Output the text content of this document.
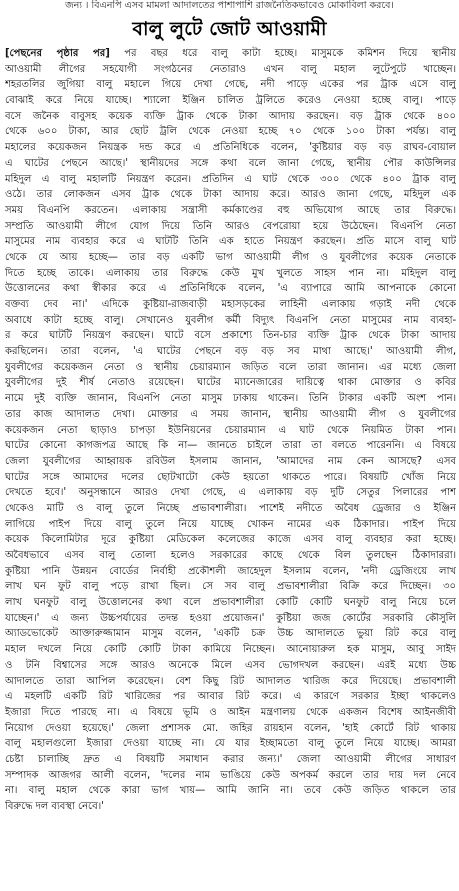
জন্য । বিএনপি এসব মামলা আদালতের পাশাপাশি রাজনৈতিকভাবেও মোকাবিলা করবে।
বালু লুটে জোট আওয়ামী
[পেছনের পৃষ্ঠার পর] পর বছর ধরে বালু কাটা হচ্ছে। মাসুমকে কমিশন দিয়ে স্থানীয়
আওয়ামী লীগের সহযোগী সংগঠনের নেতারাও এখন বালু মহাল লুটেপুটে খাচ্ছেন।
শহরতলির জুগিয়া বালু মহালে গিয়ে দেখা গেছে, নদী পাড়ে একের পর ট্রাক এসে বালু
বোঝাই করে নিয়ে যাচ্ছে। শ্যালো ইঞ্জিন চালিত ট্রলিতে করেও নেওয়া হচ্ছে বালু। পাড়ে
বসে জনৈক বাবুসহ কয়েক ব্যক্তি ট্রাক থেকে টাকা আদায় করছেন। বড় ট্রাক থেকে ৪০০
থেকে ৬০০ টাকা, আর ছোট ট্রলি থেকে নেওয়া হচ্ছে ৭০ থেকে ১০০ টাকা পর্যন্ত। বালু
মহালের কয়েকজন নিয়ন্ত্রক দন্ড করে এ প্রতিনিধিকে বলেন, 'কুষ্টিয়ার বড় বড় রাঘব-বোয়াল
এ ঘাটের পেছনে আছে।' স্থানীয়দের সঙ্গে কথা বলে জানা গেছে, স্থানীয় পৌর কাউন্সিলর
মহিদুল এ বালু মহালটি নিয়ন্ত্রণ করেন। প্রতিদিন এ ঘাট থেকে ৩০০ থেকে ৪০০ ট্রাক বালু
ওঠে। তার লোকজন এসব ট্রাক থেকে টাকা আদায় করে। আরও জানা গেছে, মহিদুল এক
সময় বিএনপি করতেন। এলাকায় সন্ত্রাসী কর্মকাণ্ডের বহু অভিযোগ আছে তার বিরুদ্ধে।
সম্প্রতি আওয়ামী লীগে যোগ দিয়ে তিনি আরও বেপরোয়া হয়ে উঠেছেন। বিএনপি নেতা
মাসুমের নাম ব্যবহার করে এ ঘাটটি তিনি এক হাতে নিয়ন্ত্রণ করছেন। প্রতি মাসে বালু ঘাট
থেকে যে আয় হচ্ছে— তার বড় একটি ভাগ আওয়ামী লীগ ও যুবলীগের কয়েক নেতাকে
দিতে হচ্ছে তাকে। এলাকায় তার বিরুদ্ধে কেউ মুখ খুলতে সাহস পান না। মহিদুল বালু
উত্তোলনের কথা স্বীকার করে এ প্রতিনিধিকে বলেন, 'এ ব্যাপারে আমি আপনাকে কোনো
বক্তব্য দেব না।' এদিকে কুষ্টিয়া-রাজবাড়ী মহাসড়কের লাহিনী এলাকায় গড়াই নদী থেকে
অবাধে কাটা হচ্ছে বালু। সেখানেও যুবলীগ কর্মী বিদ্যুৎ বিএনপি নেতা মাসুমের নাম ব্যবহা-
র করে ঘাটটি নিয়ন্ত্রণ করছেন। ঘাটে বসে প্রকাশ্যে তিন-চার ব্যক্তি ট্রাক থেকে টাকা আদায়
করছিলেন। তারা বলেন, 'এ ঘাটের পেছনে বড় বড় সব মাথা আছে।' আওয়ামী লীগ,
যুবলীগের কয়েকজন নেতা ও স্থানীয় চেয়ারম্যান জড়িত বলে তারা জানান। এর মধ্যে জেলা
যুবলীগের দুই শীর্ষ নেতাও রয়েছেন। ঘাটের ম্যানেজারের দায়িত্বে থাকা মোক্তার ও কবির
নামে দুই ব্যক্তি জানান, বিএনপি নেতা মাসুম ঢাকায় থাকেন। তিনি টাকার একটি অংশ পান।
তার কাজ আদালত দেখা। মোক্তার এ সময় জানান, স্থানীয় আওয়ামী লীগ ও যুবলীগের
কয়েকজন নেতা ছাড়াও চাপড়া ইউনিয়নের চেয়ারম্যান এ ঘাট থেকে নিয়মিত টাকা পান।
ঘাটের কোনো কাগজপত্র আছে কি না— জানতে চাইলে তারা তা বলতে পারেননি। এ বিষয়ে
জেলা যুবলীগের আহ্বায়ক রবিউল ইসলাম জানান, 'আমাদের নাম কেন আসছে? এসব
ঘাটের সঙ্গে আমাদের দলের ছোটখাটো কেউ হয়তো থাকতে পারে। বিষয়টি খোঁজ নিয়ে
দেখতে হবে।' অনুসন্ধানে আরও দেখা গেছে, এ এলাকায় বড় দুটি সেতুর পিলারের পাশ
থেকেও মাটি ও বালু তুলে নিচ্ছে প্রভাবশালীরা। পাশেই নদীতে অবৈধ ড্রেজার ও ইঞ্জিন
লাগিয়ে পাইপ দিয়ে বালু তুলে নিয়ে যাচ্ছে খোকন নামের এক ঠিকাদার। পাইপ দিয়ে
কয়েক কিলোমিটার দূরে কুষ্টিয়া মেডিকেল কলেজের কাজে এসব বালু ব্যবহার করা হচ্ছে।
অবৈধভাবে এসব বালু তোলা হলেও সরকারের কাছে থেকে বিল তুলছেন ঠিকাদাররা।
কুষ্টিয়া পানি উন্নয়ন বোর্ডের নির্বাহী প্রকৌশলী জাহেদুল ইসলাম বলেন, 'নদী ড্রেজিংয়ে লাখ
লাখ ঘন ফুট বালু পড়ে রাখা ছিল। সে সব বালু প্রভাবশালীরা বিক্রি করে দিচ্ছেন। ৩০
লাখ ঘনফুট বালু উত্তোলনের কথা বলে প্রভাবশালীরা কোটি কোটি ঘনফুট বালু নিয়ে চলে
যাচ্ছেন।' এ জন্য উচ্চপর্যায়ের তদন্ত হওয়া প্রয়োজন।' কুষ্টিয়া জজ কোর্টের সরকারি কৌসুলি
অ্যাডভোকেট আক্তারুজ্জামান মাসুম বলেন, 'একটি চক্র উচ্চ আদালতে ভুয়া রিট করে বালু
মহাল দখলে নিয়ে কোটি কোটি টাকা কামিয়ে নিচ্ছেন। আনোয়ারুল হক মাসুম, আবু সাইদ
ও টনি বিশ্বাসের সঙ্গে আরও অনেকে মিলে এসব ভোগদখল করছেন। এরই মধ্যে উচ্চ
আদালতে তারা আপিল করেছেন। বেশ কিছু রিট আদালত খারিজ করে দিয়েছে। প্রভাবশালী
এ মহলটি একটি রিট খারিজের পর আবার রিট করে। এ কারণে সরকার ইচ্ছা থাকলেও
ইজারা দিতে পারছে না। এ বিষয়ে ভূমি ও আইন মন্ত্রণালয় থেকে একজন বিশেষ আইনজীবী
নিয়োগ দেওয়া হয়েছে।' জেলা প্রশাসক মো. জহির রায়হান বলেন, 'হাই কোর্টে রিট থাকায়
বালু মহালগুলো ইজারা দেওয়া যাচ্ছে না। যে যার ইচ্ছামতো বালু তুলে নিয়ে যাচ্ছে। আমরা
চেষ্টা চালাচ্ছি দ্রুত এ বিষয়টি সমাধান করার জন্য।' জেলা আওয়ামী লীগের সাধারণ
সম্পাদক আজগর আলী বলেন, 'দলের নাম ভাঙিয়ে কেউ অপকর্ম করলে তার দায় দল নেবে
না। বালু মহাল থেকে কারা ভাগ খায়— আমি জানি না। তবে কেউ জড়িত থাকলে তার
বিরুদ্ধে দল ব্যবস্থা নেবে।'
